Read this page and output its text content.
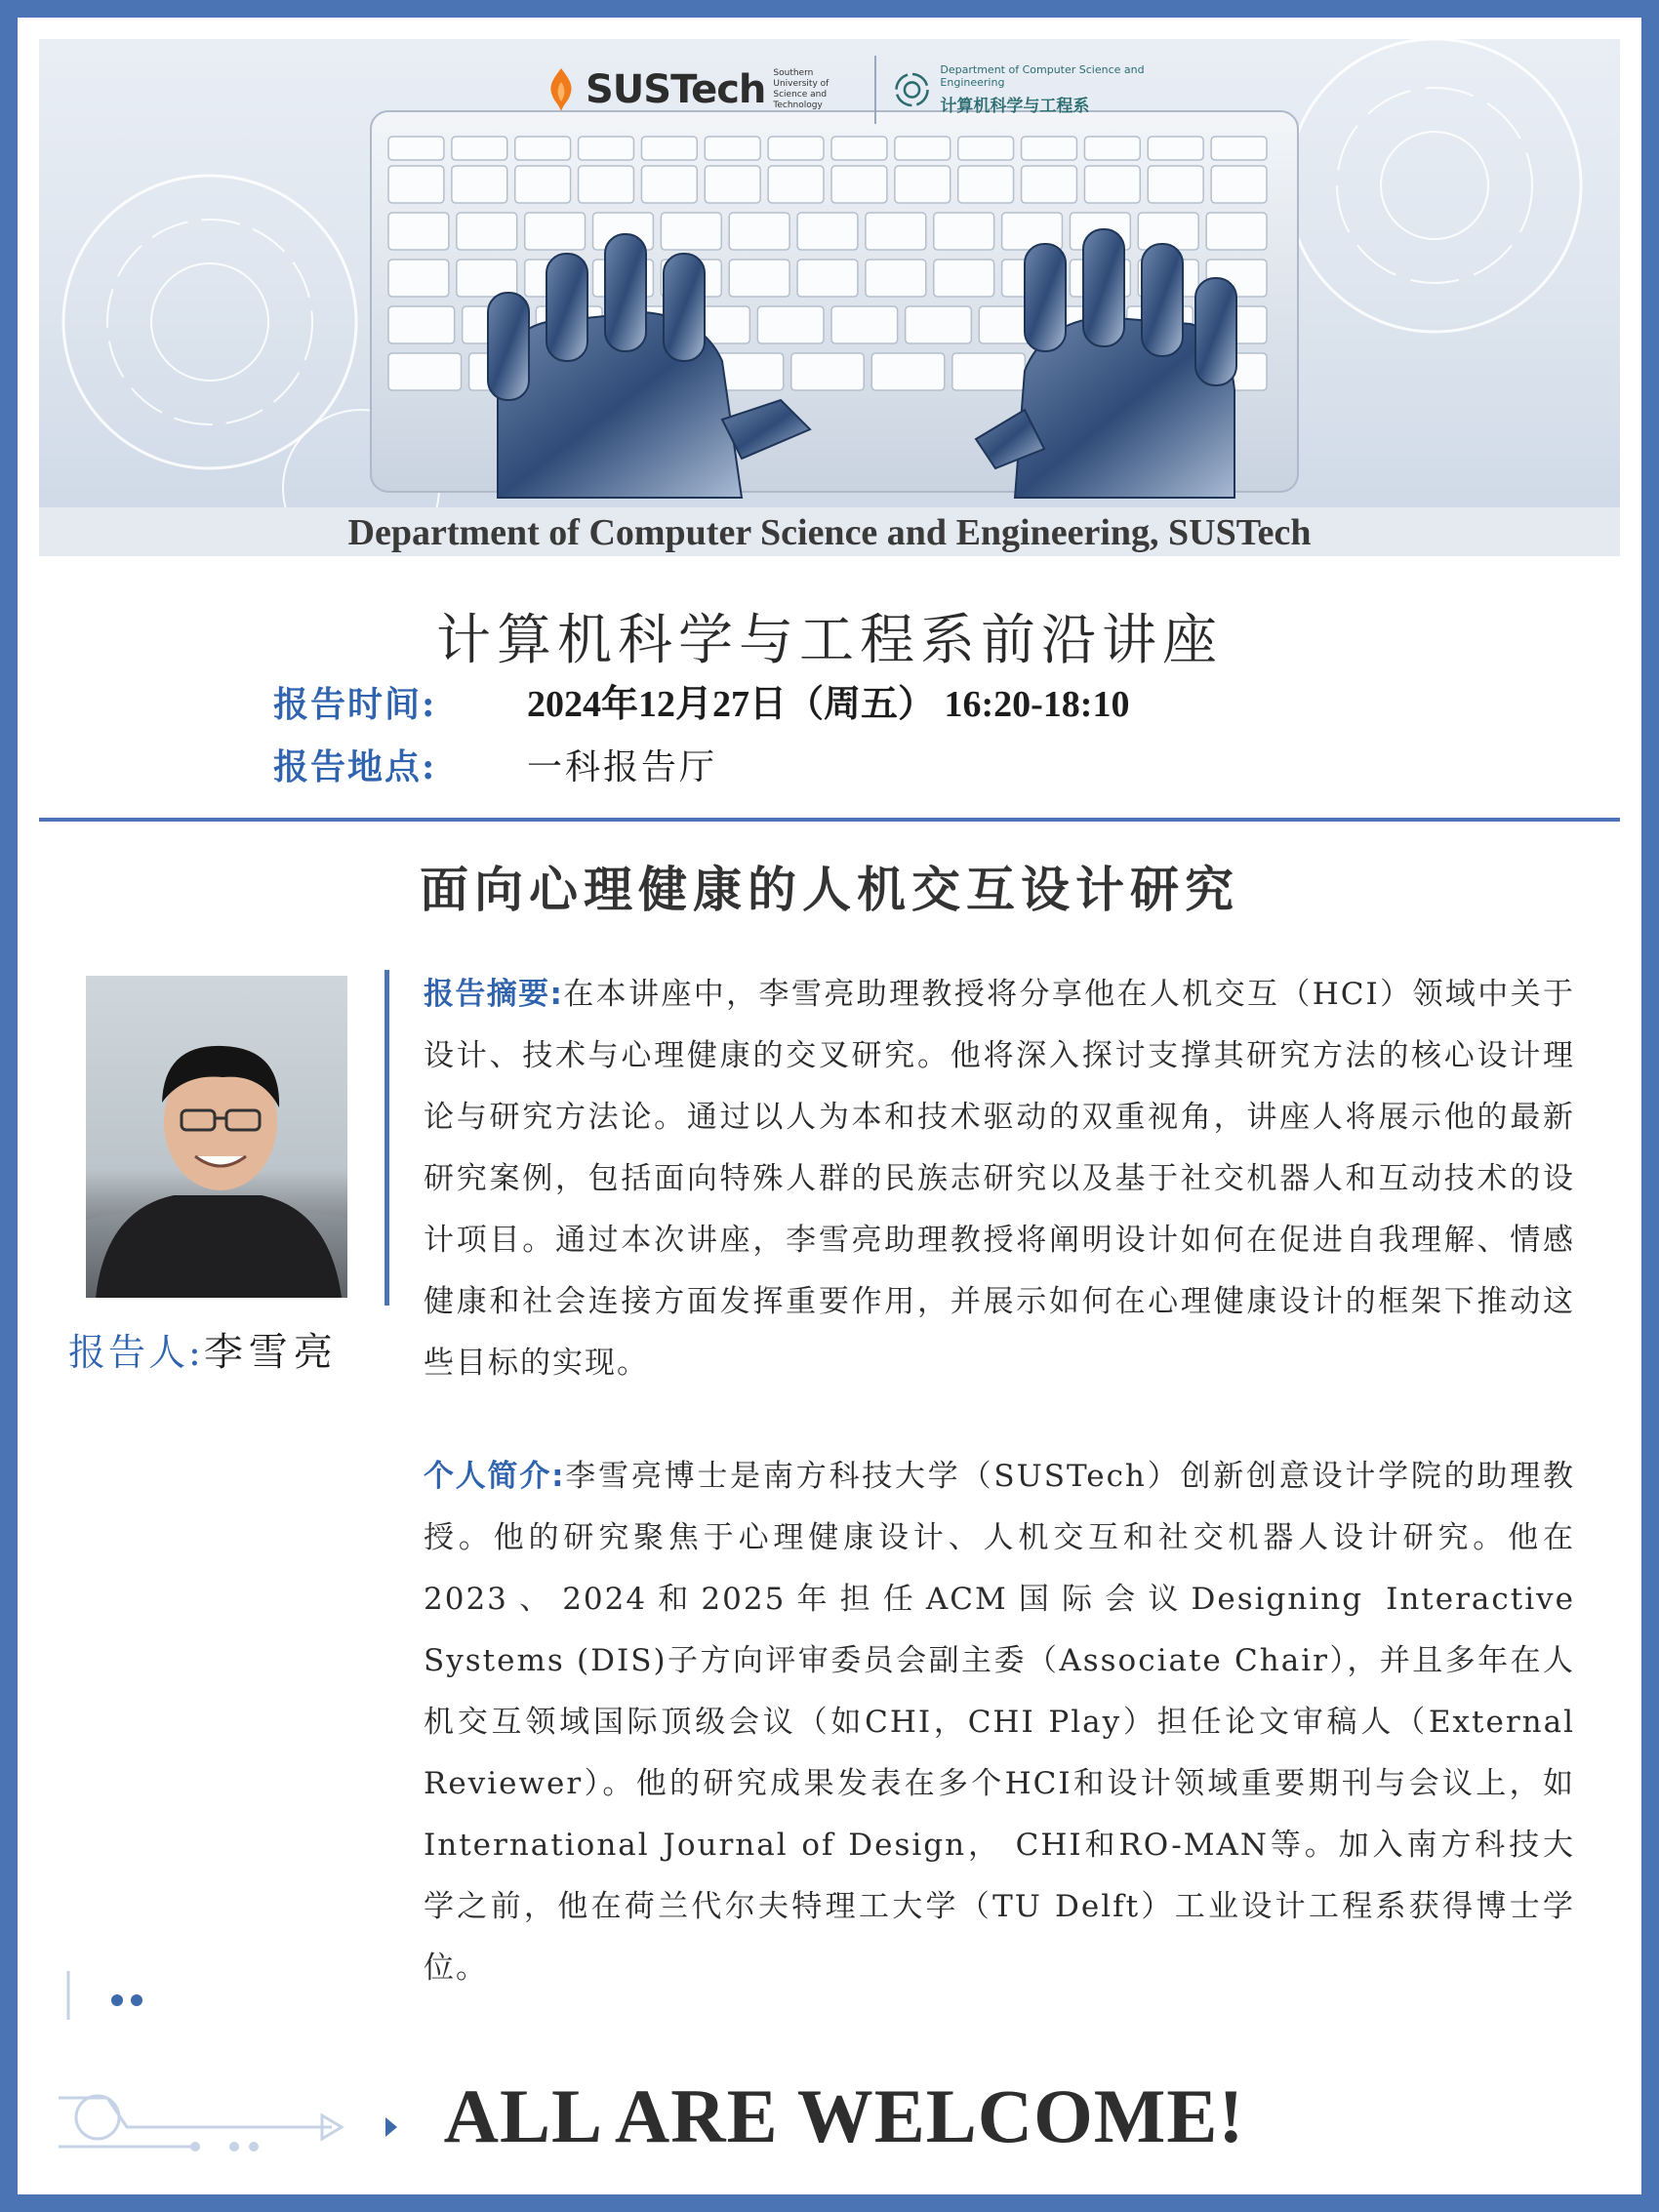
SUSTech Southern University of Science and Technology
Department of Computer Science and Engineering
计算机科学与工程系
Department of Computer Science and Engineering, SUSTech
计算机科学与工程系前沿讲座
报告时间:	2024年12月27日（周五） 16:20-18:10
报告地点:	一科报告厅
面向心理健康的人机交互设计研究
报告人: 李雪亮
报告摘要:在本讲座中，李雪亮助理教授将分享他在人机交互（HCI）领域中关于设计、技术与心理健康的交叉研究。他将深入探讨支撑其研究方法的核心设计理论与研究方法论。通过以人为本和技术驱动的双重视角，讲座人将展示他的最新研究案例，包括面向特殊人群的民族志研究以及基于社交机器人和互动技术的设计项目。通过本次讲座，李雪亮助理教授将阐明设计如何在促进自我理解、情感健康和社会连接方面发挥重要作用，并展示如何在心理健康设计的框架下推动这些目标的实现。
个人简介:李雪亮博士是南方科技大学（SUSTech）创新创意设计学院的助理教授。他的研究聚焦于心理健康设计、人机交互和社交机器人设计研究。他在2023、2024和2025年担任ACM国际会议Designing Interactive Systems (DIS)子方向评审委员会副主委（Associate Chair），并且多年在人机交互领域国际顶级会议（如CHI，CHI Play）担任论文审稿人（External Reviewer）。他的研究成果发表在多个HCI和设计领域重要期刊与会议上，如International Journal of Design， CHI和RO-MAN等。加入南方科技大学之前，他在荷兰代尔夫特理工大学（TU Delft）工业设计工程系获得博士学位。
ALL ARE WELCOME!
